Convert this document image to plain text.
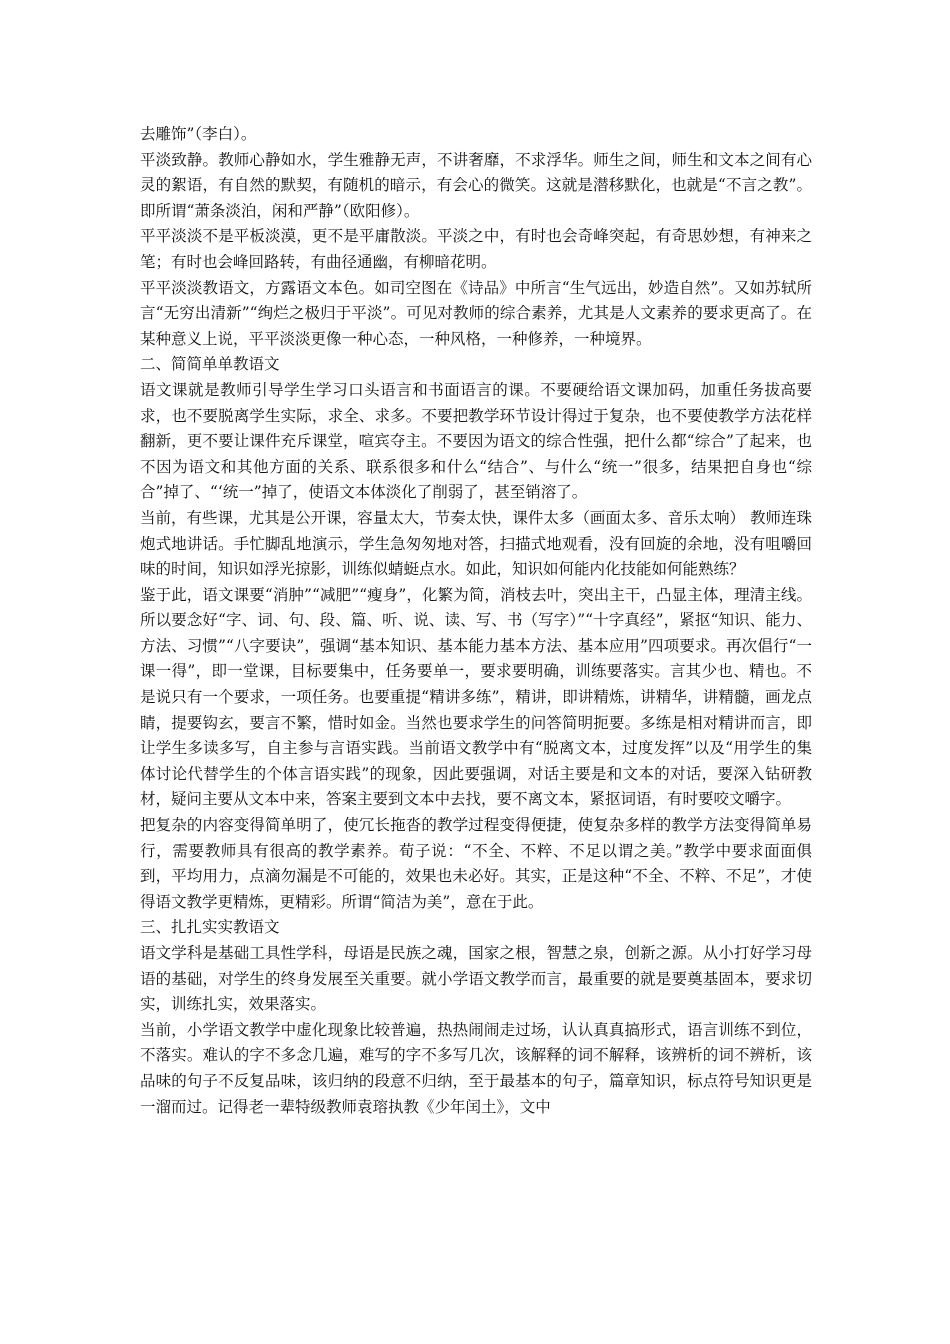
去雕饰”（李白）。

平淡致静。教师心静如水，学生雅静无声，不讲奢靡，不求浮华。师生之间，师生和文本之间有心灵的絮语，有自然的默契，有随机的暗示，有会心的微笑。这就是潜移默化，也就是“不言之教”。即所谓“萧条淡泊，闲和严静”（欧阳修）。

平平淡淡不是平板淡漠，更不是平庸散淡。平淡之中，有时也会奇峰突起，有奇思妙想，有神来之笔；有时也会峰回路转，有曲径通幽，有柳暗花明。

平平淡淡教语文，方露语文本色。如司空图在《诗品》中所言“生气远出，妙造自然”。又如苏轼所言“无穷出清新”“绚烂之极归于平淡”。可见对教师的综合素养，尤其是人文素养的要求更高了。在某种意义上说，平平淡淡更像一种心态，一种风格，一种修养，一种境界。

二、简简单单教语文

语文课就是教师引导学生学习口头语言和书面语言的课。不要硬给语文课加码，加重任务拔高要求，也不要脱离学生实际，求全、求多。不要把教学环节设计得过于复杂，也不要使教学方法花样翻新，更不要让课件充斥课堂，喧宾夺主。不要因为语文的综合性强，把什么都“综合”了起来，也不因为语文和其他方面的关系、联系很多和什么“结合”、与什么“统一”很多，结果把自身也“综合”掉了、“‘统一”掉了，使语文本体淡化了削弱了，甚至销溶了。

当前，有些课，尤其是公开课，容量太大，节奏太快，课件太多（画面太多、音乐太响） 教师连珠炮式地讲话。手忙脚乱地演示，学生急匆匆地对答，扫描式地观看，没有回旋的余地，没有咀嚼回味的时间，知识如浮光掠影，训练似蜻蜓点水。如此，知识如何能内化技能如何能熟练？

鉴于此，语文课要“消肿”“减肥”“瘦身”，化繁为简，消枝去叶，突出主干，凸显主体，理清主线。所以要念好“字、词、句、段、篇、听、说、读、写、书（写字）”“十字真经”，紧抠“知识、能力、方法、习惯”“八字要诀”，强调“基本知识、基本能力基本方法、基本应用”四项要求。再次倡行“一课一得”，即一堂课，目标要集中，任务要单一，要求要明确，训练要落实。言其少也、精也。不是说只有一个要求，一项任务。也要重提“精讲多练”，精讲，即讲精炼，讲精华，讲精髓，画龙点睛，提要钩玄，要言不繁，惜时如金。当然也要求学生的问答简明扼要。多练是相对精讲而言，即让学生多读多写，自主参与言语实践。当前语文教学中有“脱离文本，过度发挥”以及“用学生的集体讨论代替学生的个体言语实践”的现象，因此要强调，对话主要是和文本的对话，要深入钻研教材，疑问主要从文本中来，答案主要到文本中去找，要不离文本，紧抠词语，有时要咬文嚼字。

把复杂的内容变得简单明了，使冗长拖沓的教学过程变得便捷，使复杂多样的教学方法变得简单易行，需要教师具有很高的教学素养。荀子说：“不全、不粹、不足以谓之美。”教学中要求面面俱到，平均用力，点滴勿漏是不可能的，效果也未必好。其实，正是这种“不全、不粹、不足”，才使得语文教学更精炼，更精彩。所谓“简洁为美”，意在于此。

三、扎扎实实教语文

语文学科是基础工具性学科，母语是民族之魂，国家之根，智慧之泉，创新之源。从小打好学习母语的基础，对学生的终身发展至关重要。就小学语文教学而言，最重要的就是要奠基固本，要求切实，训练扎实，效果落实。

当前，小学语文教学中虚化现象比较普遍，热热闹闹走过场，认认真真搞形式，语言训练不到位，不落实。难认的字不多念几遍，难写的字不多写几次，该解释的词不解释，该辨析的词不辨析，该品味的句子不反复品味，该归纳的段意不归纳，至于最基本的句子，篇章知识，标点符号知识更是一溜而过。记得老一辈特级教师袁瑢执教《少年闰土》，文中
